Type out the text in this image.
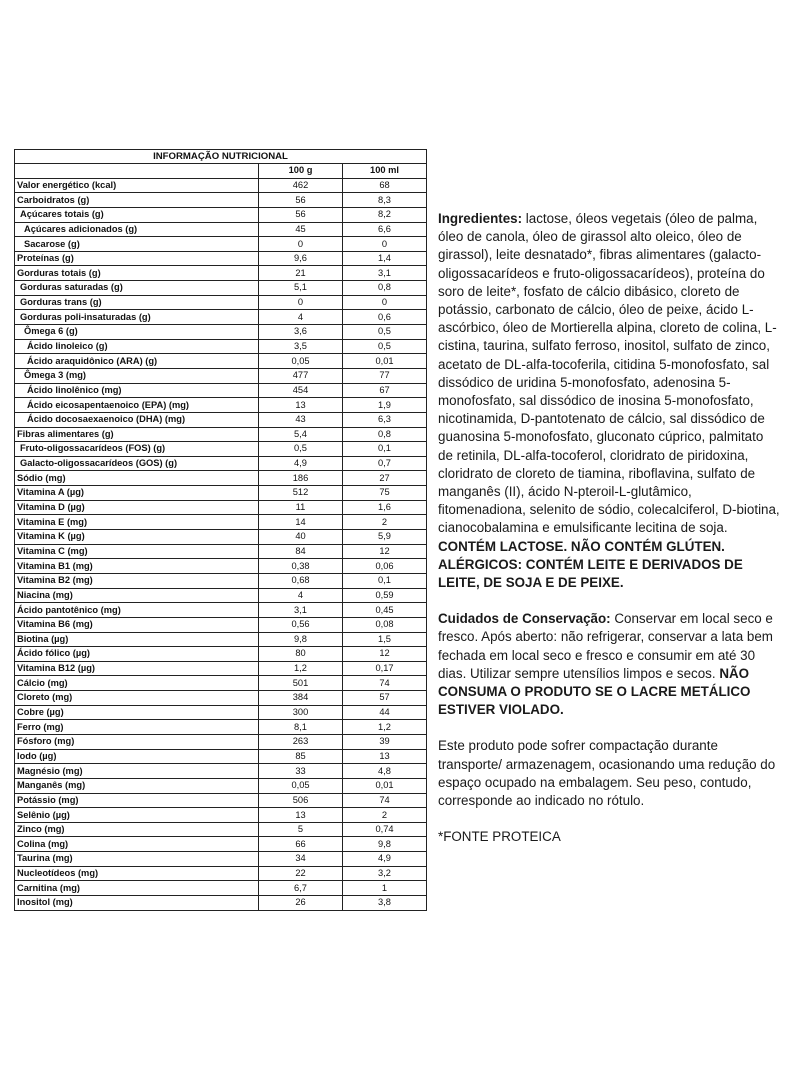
INFORMAÇÃO NUTRICIONAL		
	100 g	100 ml
Valor energético (kcal)	462	68
Carboidratos (g)	56	8,3
Açúcares totais (g)	56	8,2
Açúcares adicionados (g)	45	6,6
Sacarose (g)	0	0
Proteínas (g)	9,6	1,4
Gorduras totais (g)	21	3,1
Gorduras saturadas (g)	5,1	0,8
Gorduras trans (g)	0	0
Gorduras poli-insaturadas (g)	4	0,6
Ômega 6 (g)	3,6	0,5
Ácido linoleico (g)	3,5	0,5
Ácido araquidônico (ARA) (g)	0,05	0,01
Ômega 3 (mg)	477	77
Ácido linolênico (mg)	454	67
Ácido eicosapentaenoico (EPA) (mg)	13	1,9
Ácido docosaexaenoico (DHA) (mg)	43	6,3
Fibras alimentares (g)	5,4	0,8
Fruto-oligossacarídeos (FOS) (g)	0,5	0,1
Galacto-oligossacarídeos (GOS) (g)	4,9	0,7
Sódio (mg)	186	27
Vitamina A (µg)	512	75
Vitamina D (µg)	11	1,6
Vitamina E (mg)	14	2
Vitamina K (µg)	40	5,9
Vitamina C (mg)	84	12
Vitamina B1 (mg)	0,38	0,06
Vitamina B2 (mg)	0,68	0,1
Niacina (mg)	4	0,59
Ácido pantotênico (mg)	3,1	0,45
Vitamina B6 (mg)	0,56	0,08
Biotina (µg)	9,8	1,5
Ácido fólico (µg)	80	12
Vitamina B12 (µg)	1,2	0,17
Cálcio (mg)	501	74
Cloreto (mg)	384	57
Cobre (µg)	300	44
Ferro (mg)	8,1	1,2
Fósforo (mg)	263	39
Iodo (µg)	85	13
Magnésio (mg)	33	4,8
Manganês (mg)	0,05	0,01
Potássio (mg)	506	74
Selênio (µg)	13	2
Zinco (mg)	5	0,74
Colina (mg)	66	9,8
Taurina (mg)	34	4,9
Nucleotídeos (mg)	22	3,2
Carnitina (mg)	6,7	1
Inositol (mg)	26	3,8

Ingredientes: lactose, óleos vegetais (óleo de palma, óleo de canola, óleo de girassol alto oleico, óleo de girassol), leite desnatado*, fibras alimentares (galacto-oligossacarídeos e fruto-oligossacarídeos), proteína do soro de leite*, fosfato de cálcio dibásico, cloreto de potássio, carbonato de cálcio, óleo de peixe, ácido L-ascórbico, óleo de Mortierella alpina, cloreto de colina, L-cistina, taurina, sulfato ferroso, inositol, sulfato de zinco, acetato de DL-alfa-tocoferila, citidina 5-monofosfato, sal dissódico de uridina 5-monofosfato, adenosina 5-monofosfato, sal dissódico de inosina 5-monofosfato, nicotinamida, D-pantotenato de cálcio, sal dissódico de guanosina 5-monofosfato, gluconato cúprico, palmitato de retinila, DL-alfa-tocoferol, cloridrato de piridoxina, cloridrato de cloreto de tiamina, riboflavina, sulfato de manganês (II), ácido N-pteroil-L-glutâmico, fitomenadiona, selenito de sódio, colecalciferol, D-biotina, cianocobalamina e emulsificante lecitina de soja. CONTÉM LACTOSE. NÃO CONTÉM GLÚTEN. ALÉRGICOS: CONTÉM LEITE E DERIVADOS DE LEITE, DE SOJA E DE PEIXE.

Cuidados de Conservação: Conservar em local seco e fresco. Após aberto: não refrigerar, conservar a lata bem fechada em local seco e fresco e consumir em até 30 dias. Utilizar sempre utensílios limpos e secos. NÃO CONSUMA O PRODUTO SE O LACRE METÁLICO ESTIVER VIOLADO.

Este produto pode sofrer compactação durante transporte/ armazenagem, ocasionando uma redução do espaço ocupado na embalagem. Seu peso, contudo, corresponde ao indicado no rótulo.

*FONTE PROTEICA
